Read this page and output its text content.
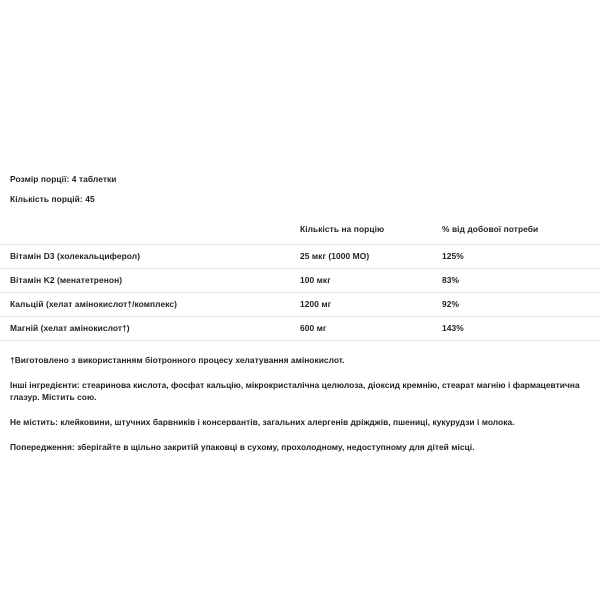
Розмір порції: 4 таблетки
Кількість порцій: 45
	Кількість на порцію	% від добової потреби

Вітамін D3 (холекальциферол)	25 мкг (1000 МО)	125%

Вітамін K2 (менатетренон)	100 мкг	83%

Кальцій (хелат амінокислот†/комплекс)	1200 мг	92%

Магній (хелат амінокислот†)	600 мг	143%

†Виготовлено з використанням біотронного процесу хелатування амінокислот.

Інші інгредієнти: стеаринова кислота, фосфат кальцію, мікрокристалічна целюлоза, діоксид кремнію, стеарат магнію і фармацевтична глазур. Містить сою.

Не містить: клейковини, штучних барвників і консервантів, загальних алергенів дріжджів, пшениці, кукурудзи і молока.

Попередження: зберігайте в щільно закритій упаковці в сухому, прохолодному, недоступному для дітей місці.
